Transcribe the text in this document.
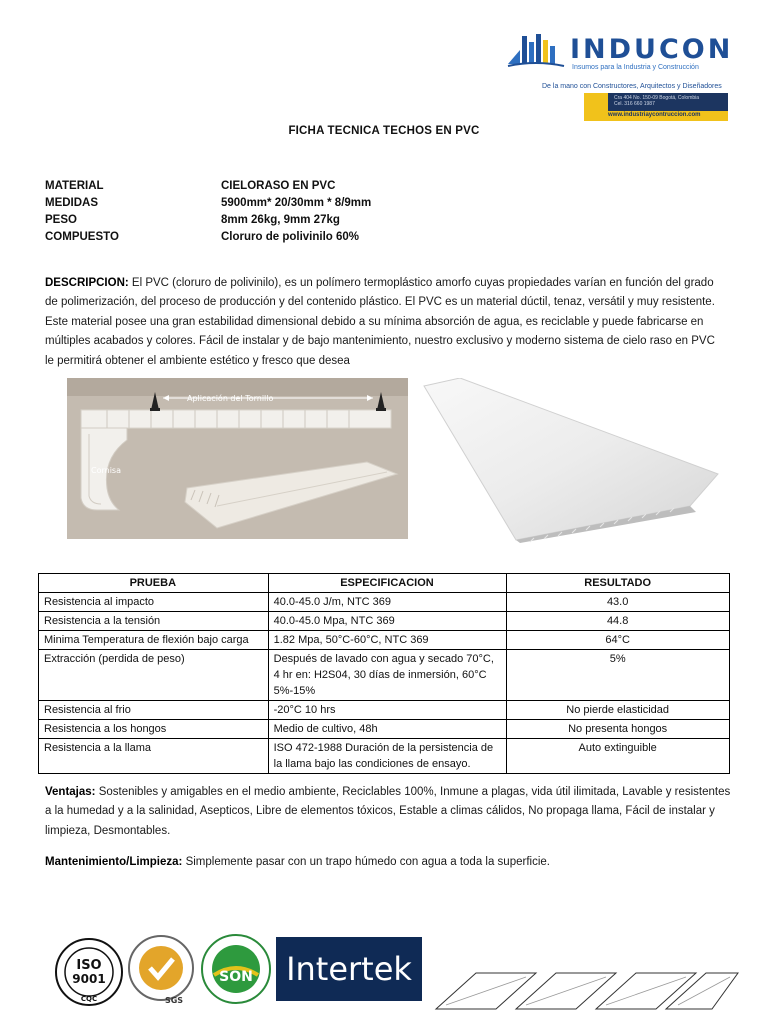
INDUCON
Insumos para la Industria y Construcción
De la mano con Constructores, Arquitectos y Diseñadores
Cra 404 No. 150-09 Bogotá, Colombia
Cel. 316 660 1987
www.industriaycontruccion.com
FICHA TECNICA TECHOS EN PVC
MATERIAL	CIELORASO EN PVC
MEDIDAS	5900mm* 20/30mm * 8/9mm
PESO	8mm 26kg, 9mm 27kg
COMPUESTO	Cloruro de polivinilo 60%
DESCRIPCION: El PVC (cloruro de polivinilo), es un polímero termoplástico amorfo cuyas propiedades varían en función del grado de polimerización, del proceso de producción y del contenido plástico. El PVC es un material dúctil, tenaz, versátil y muy resistente. Este material posee una gran estabilidad dimensional debido a su mínima absorción de agua, es reciclable y puede fabricarse en múltiples acabados y colores. Fácil de instalar y de bajo mantenimiento, nuestro exclusivo y moderno sistema de cielo raso en PVC le permitirá obtener el ambiente estético y fresco que desea
Aplicación del Tornillo
Cornisa
PRUEBA	ESPECIFICACION	RESULTADO
Resistencia al impacto	40.0-45.0 J/m, NTC 369	43.0
Resistencia a la tensión	40.0-45.0 Mpa, NTC 369	44.8
Minima Temperatura de flexión bajo carga	1.82 Mpa, 50°C-60°C, NTC 369	64°C
Extracción (perdida de peso)	Después de lavado con agua y secado 70°C, 4 hr en: H2S04, 30 días de inmersión, 60°C 5%-15%	5%
Resistencia al frio	-20°C 10 hrs	No pierde elasticidad
Resistencia a los hongos	Medio de cultivo, 48h	No presenta hongos
Resistencia a la llama	ISO 472-1988 Duración de la persistencia de la llama bajo las condiciones de ensayo.	Auto extinguible
Ventajas: Sostenibles y amigables en el medio ambiente, Reciclables 100%, Inmune a plagas, vida útil ilimitada, Lavable y resistentes a la humedad y a la salinidad, Asepticos, Libre de elementos tóxicos, Estable a climas cálidos, No propaga llama, Fácil de instalar y limpieza, Desmontables.
Mantenimiento/Limpieza: Simplemente pasar con un trapo húmedo con agua a toda la superficie.
ISO
9001
CQC	SGS
SON	Intertek
